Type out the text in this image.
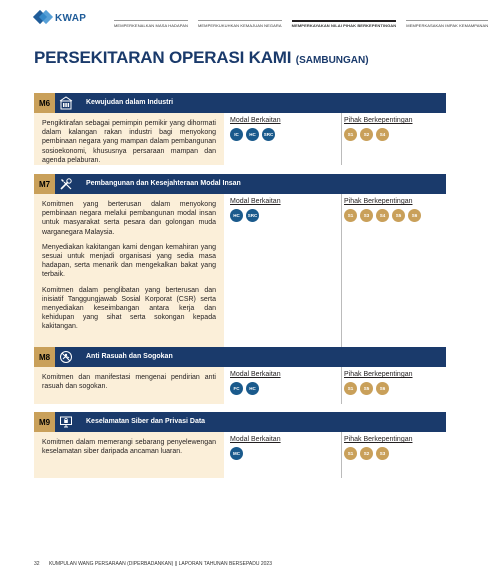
KWAP
MEMPERKENALKAN MASA HADAPAN	MEMPERKUKUHKAN KEMAJUAN NEGARA	MEMPERKAYAKAN NILAI PIHAK BERKEPENTINGAN	MEMPERKASAKAN IMPAK KEMAMPANAN
PERSEKITARAN OPERASI KAMI (SAMBUNGAN)
M6	Kewujudan dalam Industri

Pengiktirafan sebagai pemimpin pemikir yang dihormati dalam kalangan rakan industri bagi menyokong pembinaan negara yang mampan dalam pembangunan sosioekonomi, khususnya persaraan mampan dan agenda pelaburan.

Modal Berkaitan
IC	HC	SRC
Pihak Berkepentingan
S1	S2	S4
M7	Pembangunan dan Kesejahteraan Modal Insan

Komitmen yang berterusan dalam menyokong pembinaan negara melalui pembangunan modal insan untuk masyarakat serta pesara dan golongan muda warganegara Malaysia.

Menyediakan kakitangan kami dengan kemahiran yang sesuai untuk menjadi organisasi yang sedia masa hadapan, serta menarik dan mengekalkan bakat yang terbaik.

Komitmen dalam penglibatan yang berterusan dan inisiatif Tanggungjawab Sosial Korporat (CSR) serta menyediakan keseimbangan antara kerja dan kehidupan yang sihat serta sokongan kepada kakitangan.

Modal Berkaitan
HC	SRC
Pihak Berkepentingan
S1	S3	S4	S5	S6
M8	Anti Rasuah dan Sogokan

Komitmen dan manifestasi mengenai pendirian anti rasuah dan sogokan.

Modal Berkaitan
FC	HC
Pihak Berkepentingan
S1	S5	S6
M9	Keselamatan Siber dan Privasi Data

Komitmen dalam memerangi sebarang penyelewengan keselamatan siber daripada ancaman luaran.

Modal Berkaitan
MC
Pihak Berkepentingan
S1	S2	S3
32 KUMPULAN WANG PERSARAAN (DIPERBADANKAN) || LAPORAN TAHUNAN BERSEPADU 2023
